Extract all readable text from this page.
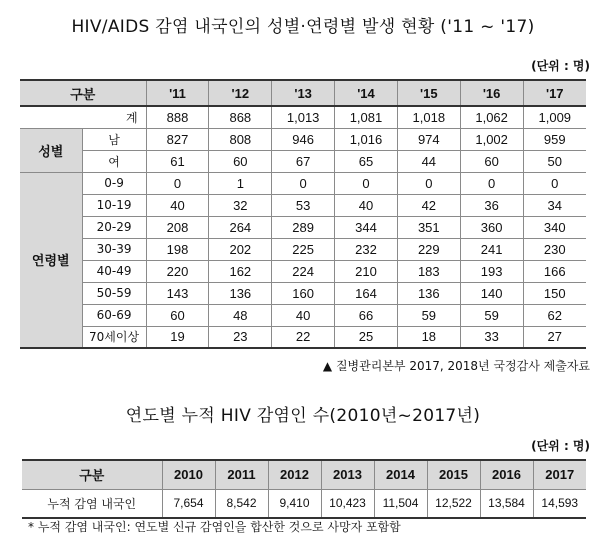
HIV/AIDS 감염 내국인의 성별·연령별 발생 현황 ('11 ~ '17)
(단위 : 명)
구분		'11	'12	'13	'14	'15	'16	'17
계		888	868	1,013	1,081	1,018	1,062	1,009
성별	남	827	808	946	1,016	974	1,002	959
	여	61	60	67	65	44	60	50
연령별	0-9	0	1	0	0	0	0	0
	10-19	40	32	53	40	42	36	34
	20-29	208	264	289	344	351	360	340
	30-39	198	202	225	232	229	241	230
	40-49	220	162	224	210	183	193	166
	50-59	143	136	160	164	136	140	150
	60-69	60	48	40	66	59	59	62
	70세이상	19	23	22	25	18	33	27
▲ 질병관리본부 2017, 2018년 국정감사 제출자료
연도별 누적 HIV 감염인 수(2010년~2017년)
(단위 : 명)
구분	2010	2011	2012	2013	2014	2015	2016	2017
누적 감염 내국인	7,654	8,542	9,410	10,423	11,504	12,522	13,584	14,593
* 누적 감염 내국인: 연도별 신규 감염인을 합산한 것으로 사망자 포함함
